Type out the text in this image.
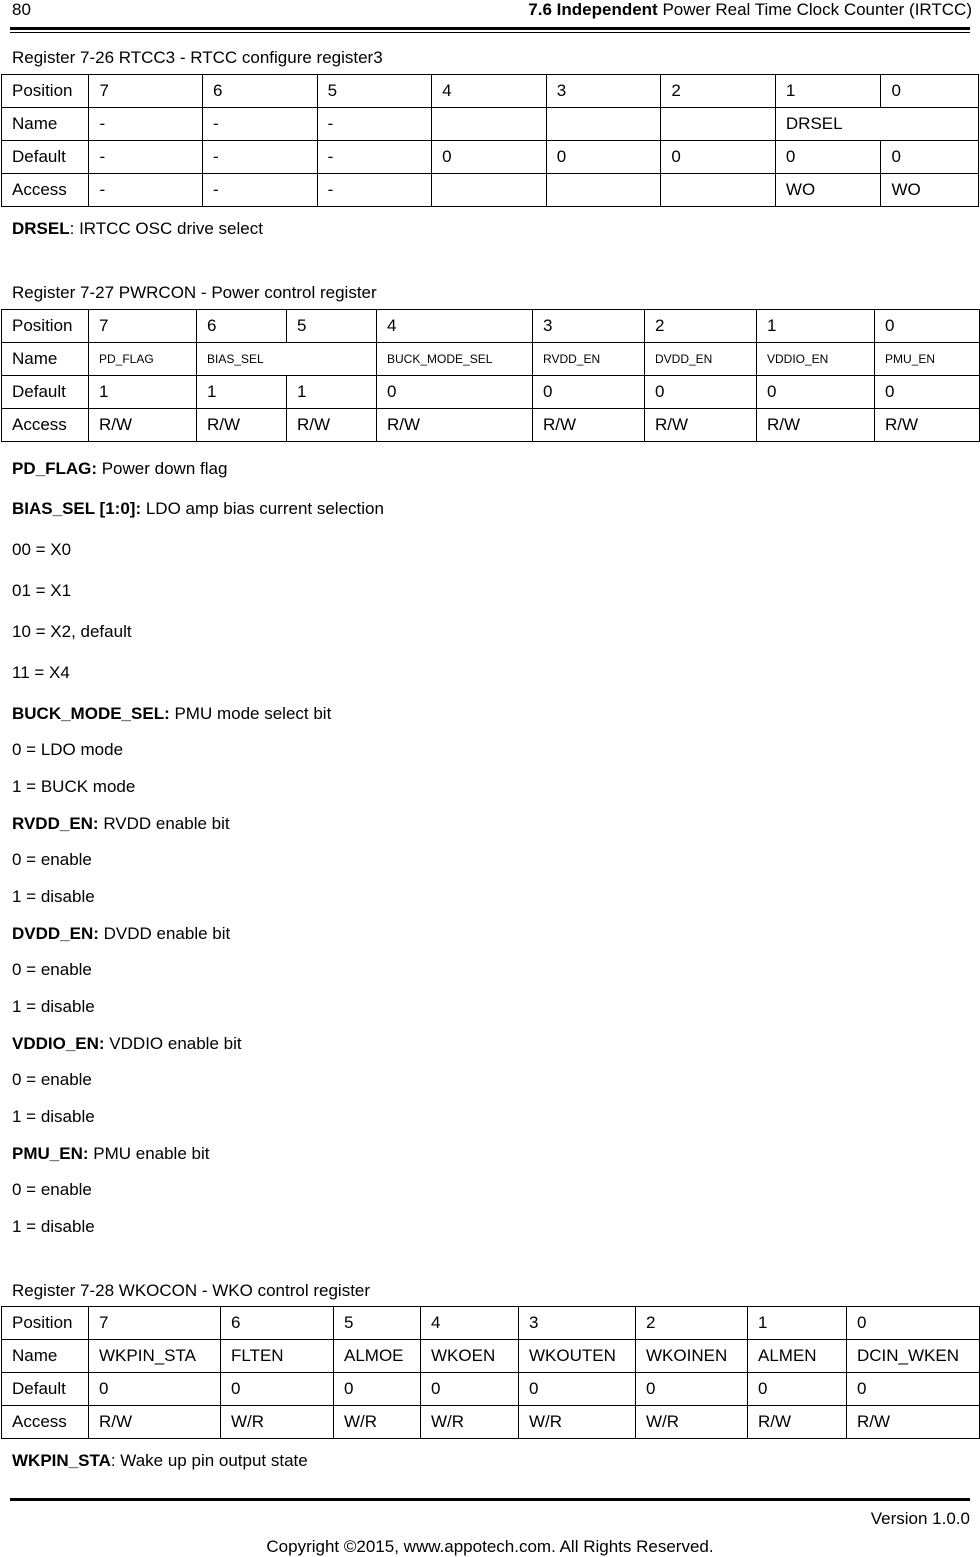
80	7.6 Independent Power Real Time Clock Counter (IRTCC)
Register 7-26 RTCC3 - RTCC configure register3
Position	7	6	5	4	3	2	1	0
Name	-	-	-				DRSEL	
Default	-	-	-	0	0	0	0	0
Access	-	-	-				WO	WO
DRSEL: IRTCC OSC drive select
Register 7-27 PWRCON - Power control register
Position	7	6	5	4	3	2	1	0
Name	PD_FLAG	BIAS_SEL		BUCK_MODE_SEL	RVDD_EN	DVDD_EN	VDDIO_EN	PMU_EN
Default	1	1	1	0	0	0	0	0
Access	R/W	R/W	R/W	R/W	R/W	R/W	R/W	R/W
PD_FLAG: Power down flag
BIAS_SEL [1:0]: LDO amp bias current selection
00 = X0
01 = X1
10 = X2, default
11 = X4
BUCK_MODE_SEL: PMU mode select bit
0 = LDO mode
1 = BUCK mode
RVDD_EN: RVDD enable bit
0 = enable
1 = disable
DVDD_EN: DVDD enable bit
0 = enable
1 = disable
VDDIO_EN: VDDIO enable bit
0 = enable
1 = disable
PMU_EN: PMU enable bit
0 = enable
1 = disable
Register 7-28 WKOCON - WKO control register
Position	7	6	5	4	3	2	1	0
Name	WKPIN_STA	FLTEN	ALMOE	WKOEN	WKOUTEN	WKOINEN	ALMEN	DCIN_WKEN
Default	0	0	0	0	0	0	0	0
Access	R/W	W/R	W/R	W/R	W/R	W/R	R/W	R/W
WKPIN_STA: Wake up pin output state
Version 1.0.0
Copyright ©2015, www.appotech.com. All Rights Reserved.
